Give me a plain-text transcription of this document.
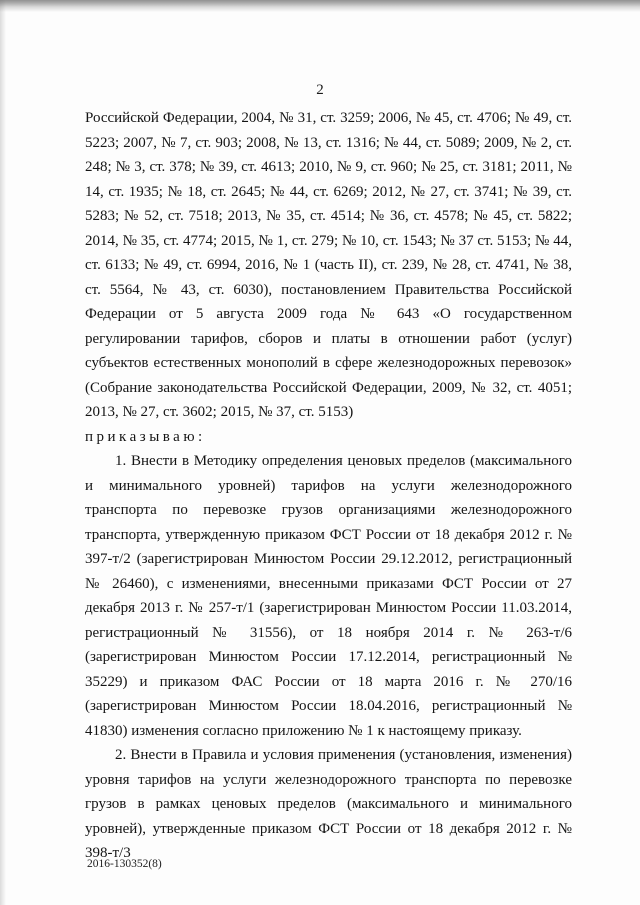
2

Российской Федерации, 2004, № 31, ст. 3259; 2006, № 45, ст. 4706; № 49, ст. 5223; 2007, № 7, ст. 903; 2008, № 13, ст. 1316; № 44, ст. 5089; 2009, № 2, ст. 248; № 3, ст. 378; № 39, ст. 4613; 2010, № 9, ст. 960; № 25, ст. 3181; 2011, № 14, ст. 1935; № 18, ст. 2645; № 44, ст. 6269; 2012, № 27, ст. 3741; № 39, ст. 5283; № 52, ст. 7518; 2013, № 35, ст. 4514; № 36, ст. 4578; № 45, ст. 5822; 2014, № 35, ст. 4774; 2015, № 1, ст. 279; № 10, ст. 1543; № 37 ст. 5153; № 44, ст. 6133; № 49, ст. 6994, 2016, № 1 (часть II), ст. 239, № 28, ст. 4741, № 38, ст. 5564, № 43, ст. 6030), постановлением Правительства Российской Федерации от 5 августа 2009 года № 643 «О государственном регулировании тарифов, сборов и платы в отношении работ (услуг) субъектов естественных монополий в сфере железнодорожных перевозок» (Собрание законодательства Российской Федерации, 2009, № 32, ст. 4051; 2013, № 27, ст. 3602; 2015, № 37, ст. 5153)

приказываю:

1. Внести в Методику определения ценовых пределов (максимального и минимального уровней) тарифов на услуги железнодорожного транспорта по перевозке грузов организациями железнодорожного транспорта, утвержденную приказом ФСТ России от 18 декабря 2012 г. № 397-т/2 (зарегистрирован Минюстом России 29.12.2012, регистрационный № 26460), с изменениями, внесенными приказами ФСТ России от 27 декабря 2013 г. № 257-т/1 (зарегистрирован Минюстом России 11.03.2014, регистрационный № 31556), от 18 ноября 2014 г. № 263-т/6 (зарегистрирован Минюстом России 17.12.2014, регистрационный № 35229) и приказом ФАС России от 18 марта 2016 г. № 270/16 (зарегистрирован Минюстом России 18.04.2016, регистрационный № 41830) изменения согласно приложению № 1 к настоящему приказу.

2. Внести в Правила и условия применения (установления, изменения) уровня тарифов на услуги железнодорожного транспорта по перевозке грузов в рамках ценовых пределов (максимального и минимального уровней), утвержденные приказом ФСТ России от 18 декабря 2012 г. № 398-т/3

2016-130352(8)
